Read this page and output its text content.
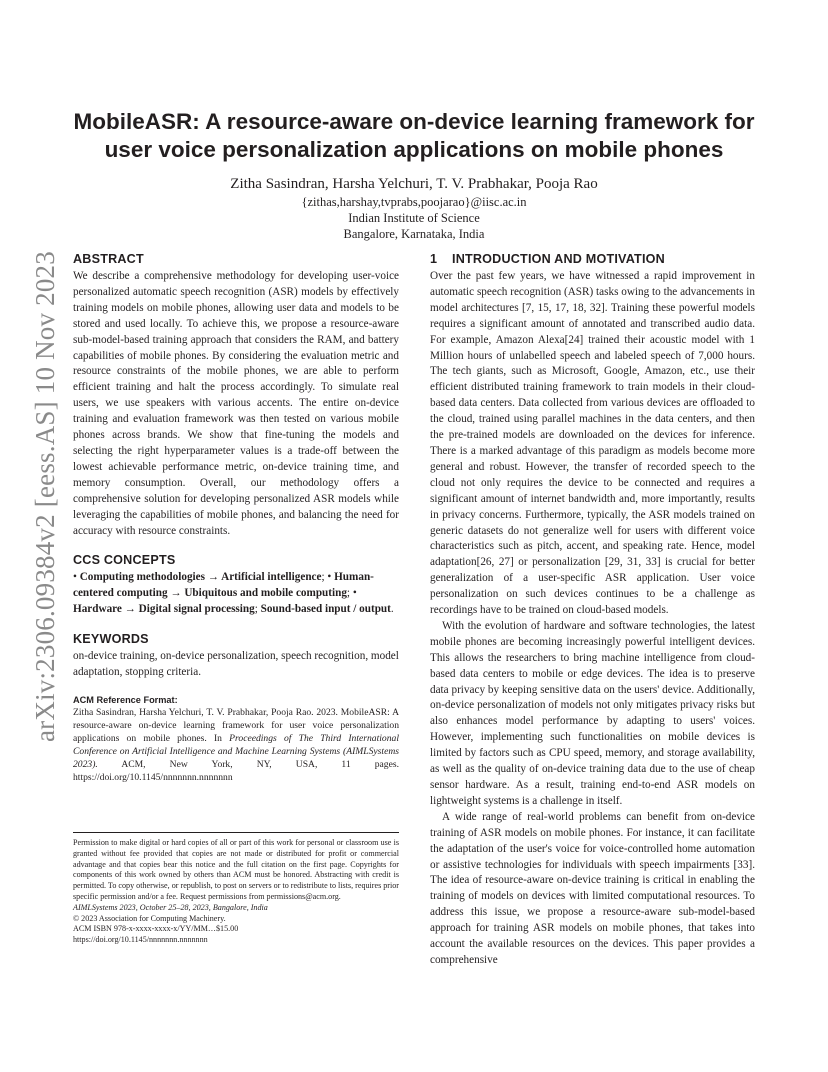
arXiv:2306.09384v2 [eess.AS] 10 Nov 2023
MobileASR: A resource-aware on-device learning framework for
user voice personalization applications on mobile phones
Zitha Sasindran, Harsha Yelchuri, T. V. Prabhakar, Pooja Rao
{zithas,harshay,tvprabs,poojarao}@iisc.ac.in
Indian Institute of Science
Bangalore, Karnataka, India
ABSTRACT

We describe a comprehensive methodology for developing user-voice personalized automatic speech recognition (ASR) models by effectively training models on mobile phones, allowing user data and models to be stored and used locally. To achieve this, we propose a resource-aware sub-model-based training approach that considers the RAM, and battery capabilities of mobile phones. By considering the evaluation metric and resource constraints of the mobile phones, we are able to perform efficient training and halt the process accordingly. To simulate real users, we use speakers with various accents. The entire on-device training and evaluation framework was then tested on various mobile phones across brands. We show that fine-tuning the models and selecting the right hyperparameter values is a trade-off between the lowest achievable performance metric, on-device training time, and memory consumption. Overall, our methodology offers a comprehensive solution for developing personalized ASR models while leveraging the capabilities of mobile phones, and balancing the need for accuracy with resource constraints.

CCS CONCEPTS

• Computing methodologies → Artificial intelligence; • Human-centered computing → Ubiquitous and mobile computing; • Hardware → Digital signal processing; Sound-based input / output.

KEYWORDS

on-device training, on-device personalization, speech recognition, model adaptation, stopping criteria.

ACM Reference Format:

Zitha Sasindran, Harsha Yelchuri, T. V. Prabhakar, Pooja Rao. 2023. MobileASR: A resource-aware on-device learning framework for user voice personalization applications on mobile phones. In Proceedings of The Third International Conference on Artificial Intelligence and Machine Learning Systems (AIMLSystems 2023). ACM, New York, NY, USA, 11 pages. https://doi.org/10.1145/nnnnnnn.nnnnnnn

Permission to make digital or hard copies of all or part of this work for personal or classroom use is granted without fee provided that copies are not made or distributed for profit or commercial advantage and that copies bear this notice and the full citation on the first page. Copyrights for components of this work owned by others than ACM must be honored. Abstracting with credit is permitted. To copy otherwise, or republish, to post on servers or to redistribute to lists, requires prior specific permission and/or a fee. Request permissions from permissions@acm.org.

AIMLSystems 2023, October 25–28, 2023, Bangalore, India

© 2023 Association for Computing Machinery.

ACM ISBN 978-x-xxxx-xxxx-x/YY/MM…$15.00

https://doi.org/10.1145/nnnnnnn.nnnnnnn

1 INTRODUCTION AND MOTIVATION

Over the past few years, we have witnessed a rapid improvement in automatic speech recognition (ASR) tasks owing to the advancements in model architectures [7, 15, 17, 18, 32]. Training these powerful models requires a significant amount of annotated and transcribed audio data. For example, Amazon Alexa[24] trained their acoustic model with 1 Million hours of unlabelled speech and labeled speech of 7,000 hours. The tech giants, such as Microsoft, Google, Amazon, etc., use their efficient distributed training framework to train models in their cloud-based data centers. Data collected from various devices are offloaded to the cloud, trained using parallel machines in the data centers, and then the pre-trained models are downloaded on the devices for inference. There is a marked advantage of this paradigm as models become more general and robust. However, the transfer of recorded speech to the cloud not only requires the device to be connected and requires a significant amount of internet bandwidth and, more importantly, results in privacy concerns. Furthermore, typically, the ASR models trained on generic datasets do not generalize well for users with different voice characteristics such as pitch, accent, and speaking rate. Hence, model adaptation[26, 27] or personalization [29, 31, 33] is crucial for better generalization of a user-specific ASR application. User voice personalization on such devices continues to be a challenge as recordings have to be trained on cloud-based models.

With the evolution of hardware and software technologies, the latest mobile phones are becoming increasingly powerful intelligent devices. This allows the researchers to bring machine intelligence from cloud-based data centers to mobile or edge devices. The idea is to preserve data privacy by keeping sensitive data on the users' device. Additionally, on-device personalization of models not only mitigates privacy risks but also enhances model performance by adapting to users' voices. However, implementing such functionalities on mobile devices is limited by factors such as CPU speed, memory, and storage availability, as well as the quality of on-device training data due to the use of cheap sensor hardware. As a result, training end-to-end ASR models on lightweight systems is a challenge in itself.

A wide range of real-world problems can benefit from on-device training of ASR models on mobile phones. For instance, it can facilitate the adaptation of the user's voice for voice-controlled home automation or assistive technologies for individuals with speech impairments [33]. The idea of resource-aware on-device training is critical in enabling the training of models on devices with limited computational resources. To address this issue, we propose a resource-aware sub-model-based approach for training ASR models on mobile phones, that takes into account the available resources on the devices. This paper provides a comprehensive
